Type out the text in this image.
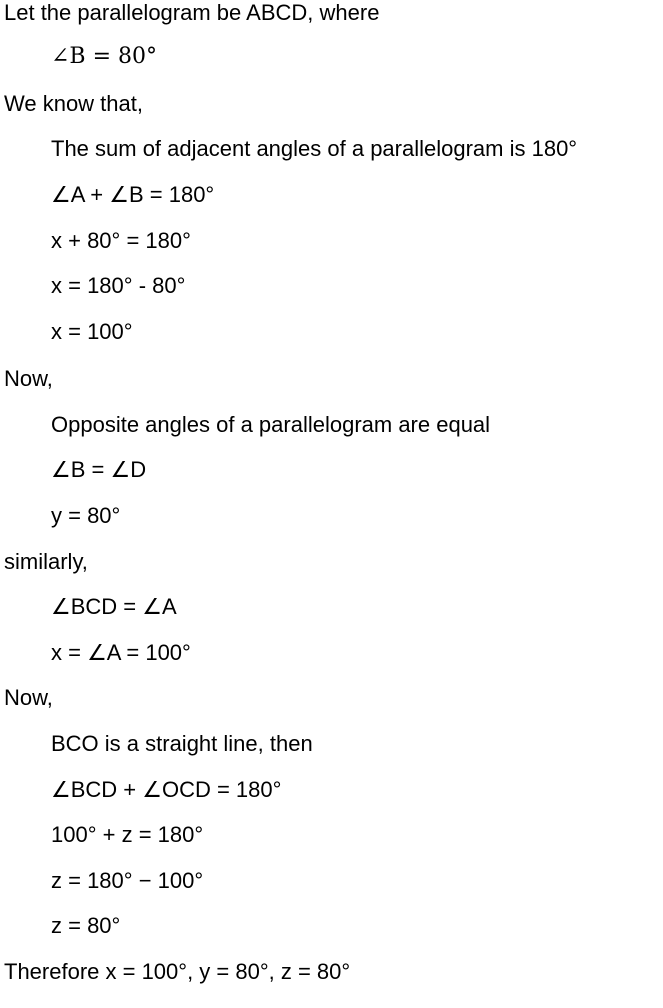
Let the parallelogram be ABCD, where
∠B = 80°
We know that,
The sum of adjacent angles of a parallelogram is 180°
∠A + ∠B = 180°
x + 80° = 180°
x = 180° - 80°
x = 100°
Now,
Opposite angles of a parallelogram are equal
∠B = ∠D
y = 80°
similarly,
∠BCD = ∠A
x = ∠A = 100°
Now,
BCO is a straight line, then
∠BCD + ∠OCD = 180°
100° + z = 180°
z = 180° − 100°
z = 80°
Therefore x = 100°, y = 80°, z = 80°
